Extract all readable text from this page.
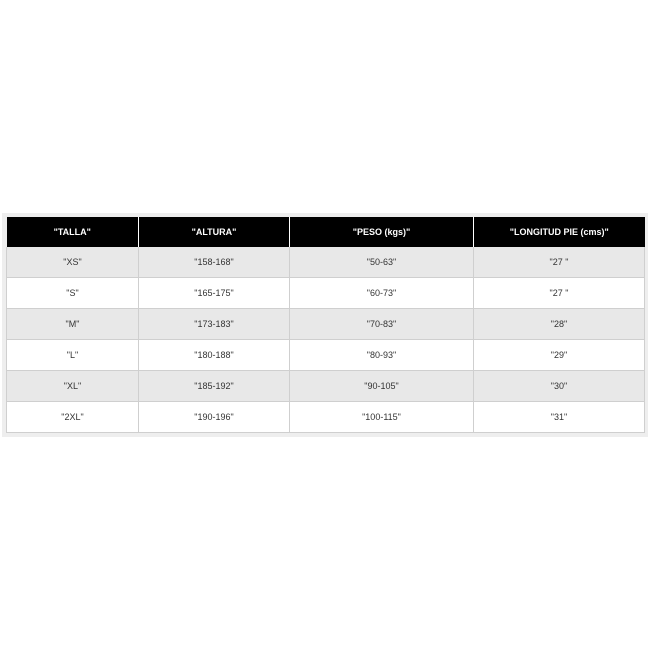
"TALLA"	"ALTURA"	"PESO (kgs)"	"LONGITUD PIE (cms)"
"XS"	"158-168"	"50-63"	"27 "
"S"	"165-175"	"60-73"	"27 "
"M"	"173-183"	"70-83"	"28"
"L"	"180-188"	"80-93"	"29"
"XL"	"185-192"	"90-105"	"30"
"2XL"	"190-196"	"100-115"	"31"
